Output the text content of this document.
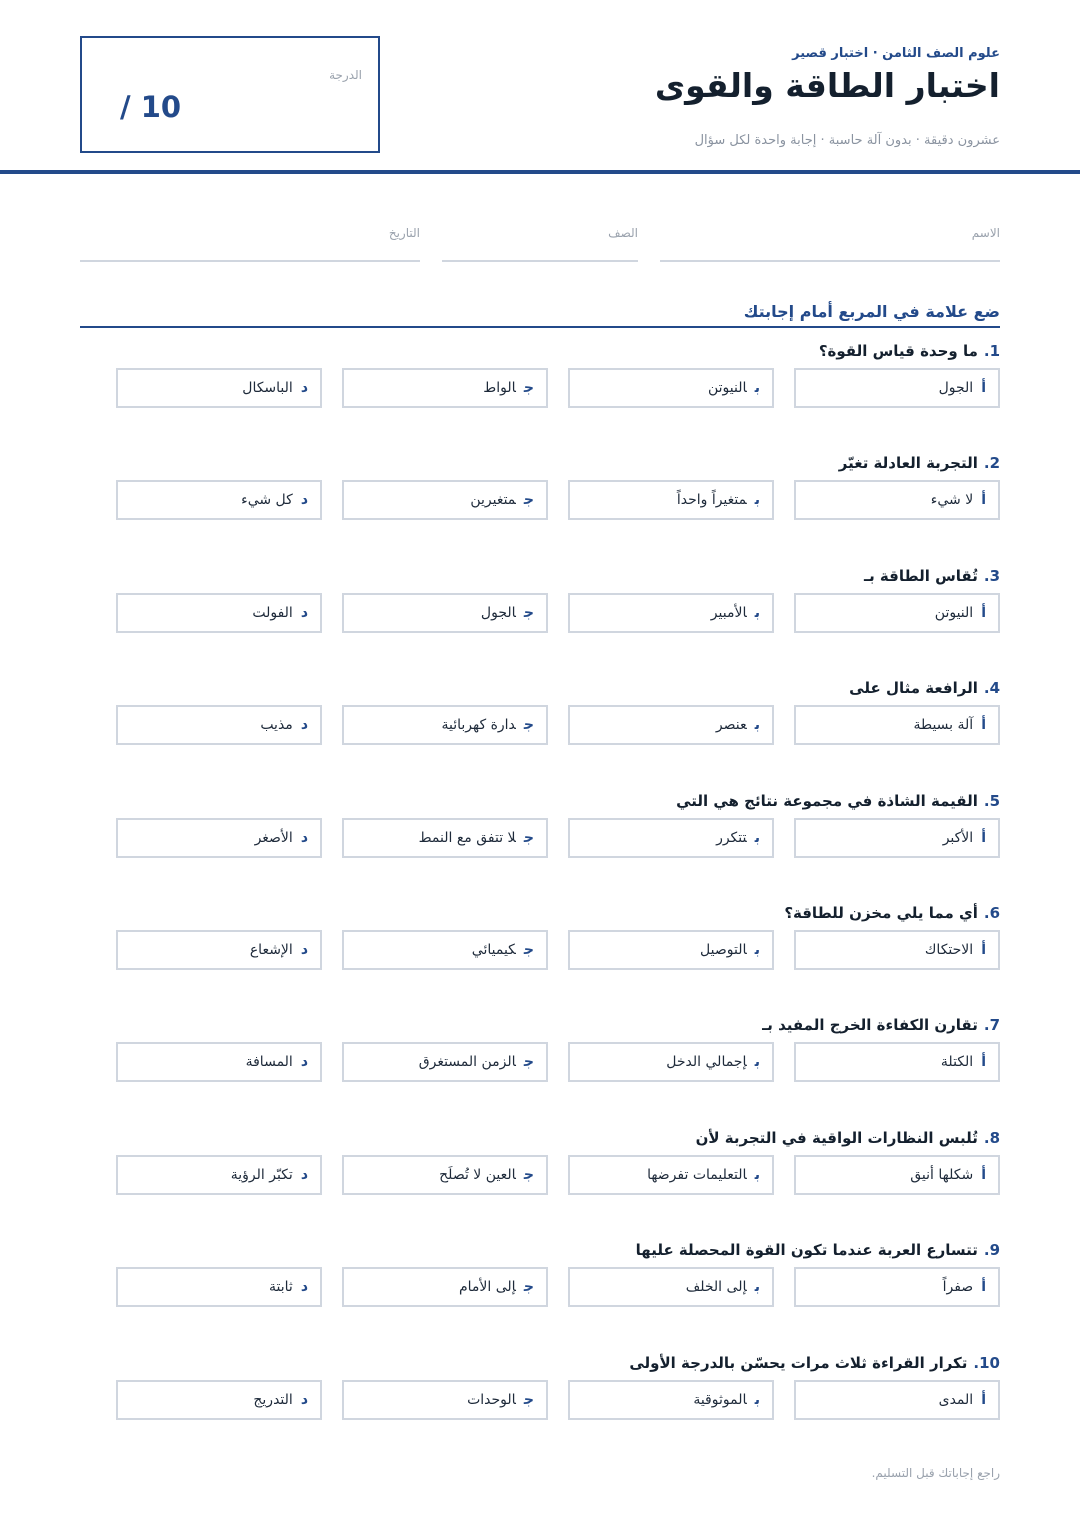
علوم الصف الثامن · اختبار قصير
اختبار الطاقة والقوى
عشرون دقيقة · بدون آلة حاسبة · إجابة واحدة لكل سؤال
الدرجة
/ 10
الاسم
الصف
التاريخ
ضع علامة في المربع أمام إجابتك
1.ما وحدة قياس القوة؟
أالجول
بالنيوتن
جالواط
دالباسكال
2.التجربة العادلة تغيّر
ألا شيء
بمتغيراً واحداً
جمتغيرين
دكل شيء
3.تُقاس الطاقة بـ
أالنيوتن
بالأمبير
جالجول
دالفولت
4.الرافعة مثال على
أآلة بسيطة
بعنصر
جدارة كهربائية
دمذيب
5.القيمة الشاذة في مجموعة نتائج هي التي
أالأكبر
بتتكرر
جلا تتفق مع النمط
دالأصغر
6.أي مما يلي مخزن للطاقة؟
أالاحتكاك
بالتوصيل
جكيميائي
دالإشعاع
7.تقارن الكفاءة الخرج المفيد بـ
أالكتلة
بإجمالي الدخل
جالزمن المستغرق
دالمسافة
8.تُلبس النظارات الواقية في التجربة لأن
أشكلها أنيق
بالتعليمات تفرضها
جالعين لا تُصلَح
دتكبّر الرؤية
9.تتسارع العربة عندما تكون القوة المحصلة عليها
أصفراً
بإلى الخلف
جإلى الأمام
دثابتة
10.تكرار القراءة ثلاث مرات يحسّن بالدرجة الأولى
أالمدى
بالموثوقية
جالوحدات
دالتدريج
راجع إجاباتك قبل التسليم.
